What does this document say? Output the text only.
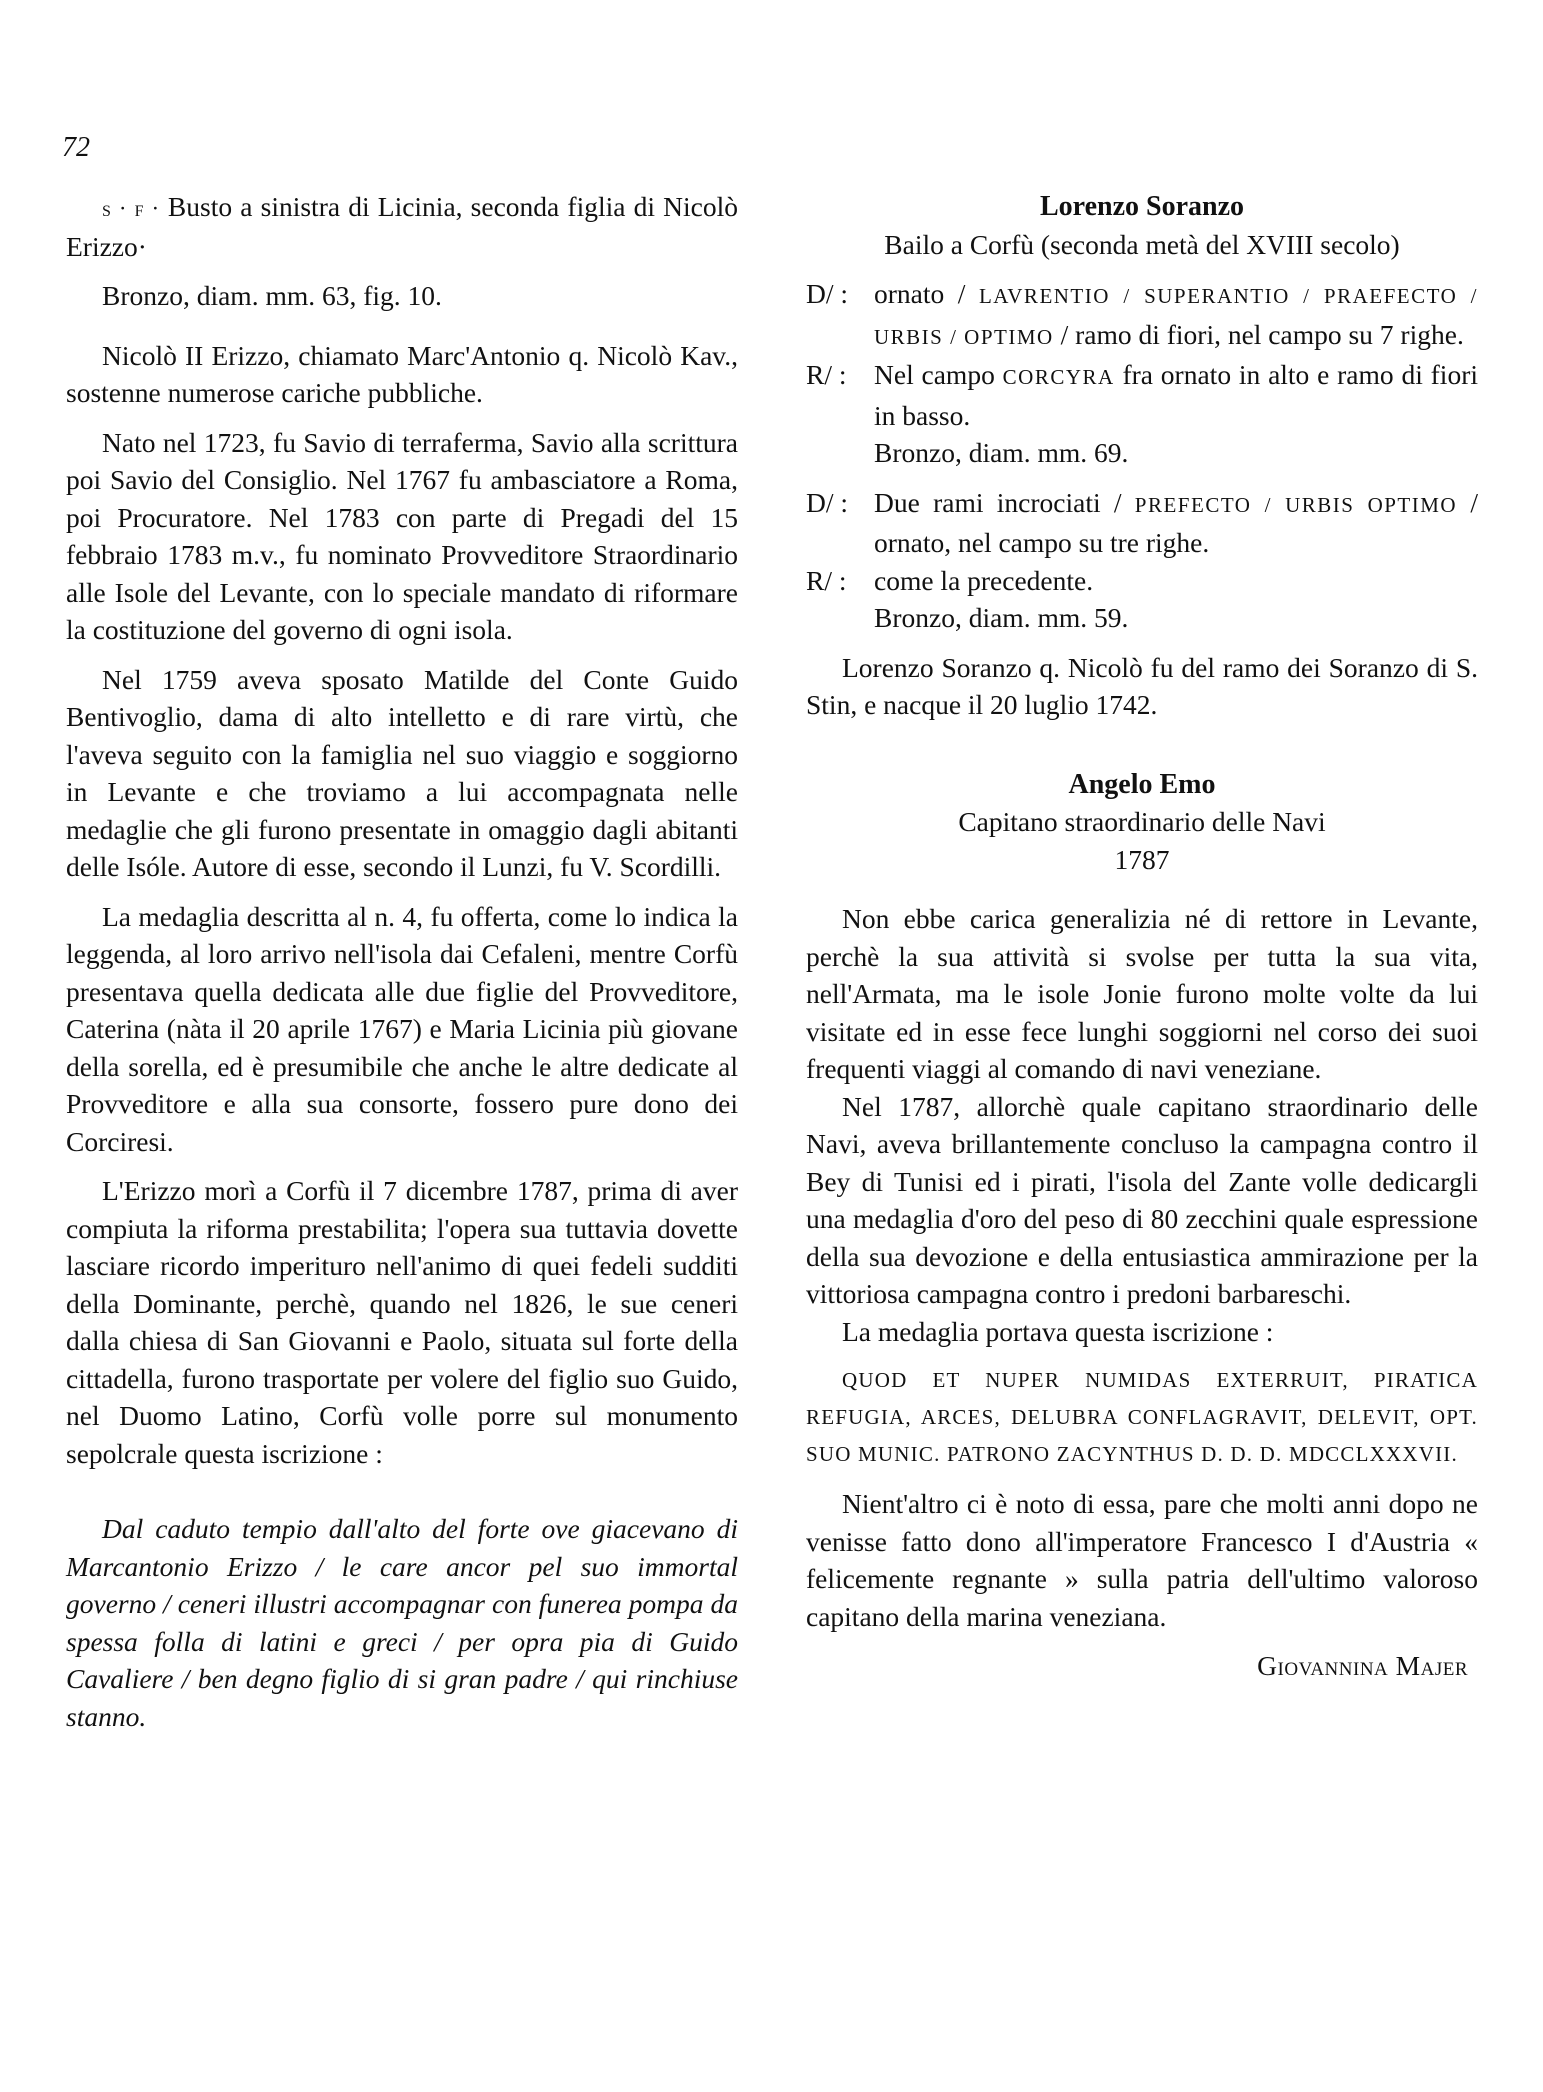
72

s · f · Busto a sinistra di Licinia, seconda figlia di Nicolò Erizzo·

Bronzo, diam. mm. 63, fig. 10.

Nicolò II Erizzo, chiamato Marc'Antonio q. Nicolò Kav., sostenne numerose cariche pubbliche.

Nato nel 1723, fu Savio di terraferma, Savio alla scrittura poi Savio del Consiglio. Nel 1767 fu ambasciatore a Roma, poi Procuratore. Nel 1783 con parte di Pregadi del 15 febbraio 1783 m.v., fu nominato Provveditore Straordinario alle Isole del Levante, con lo speciale mandato di riformare la costituzione del governo di ogni isola.

Nel 1759 aveva sposato Matilde del Conte Guido Bentivoglio, dama di alto intelletto e di rare virtù, che l'aveva seguito con la famiglia nel suo viaggio e soggiorno in Levante e che troviamo a lui accompagnata nelle medaglie che gli furono presentate in omaggio dagli abitanti delle Isóle. Autore di esse, secondo il Lunzi, fu V. Scordilli.

La medaglia descritta al n. 4, fu offerta, come lo indica la leggenda, al loro arrivo nell'isola dai Cefaleni, mentre Corfù presentava quella dedicata alle due figlie del Provveditore, Caterina (nàta il 20 aprile 1767) e Maria Licinia più giovane della sorella, ed è presumibile che anche le altre dedicate al Provveditore e alla sua consorte, fossero pure dono dei Corciresi.

L'Erizzo morì a Corfù il 7 dicembre 1787, prima di aver compiuta la riforma prestabilita; l'opera sua tuttavia dovette lasciare ricordo imperituro nell'animo di quei fedeli sudditi della Dominante, perchè, quando nel 1826, le sue ceneri dalla chiesa di San Giovanni e Paolo, situata sul forte della cittadella, furono trasportate per volere del figlio suo Guido, nel Duomo Latino, Corfù volle porre sul monumento sepolcrale questa iscrizione :

Dal caduto tempio dall'alto del forte ove giacevano di Marcantonio Erizzo / le care ancor pel suo immortal governo / ceneri illustri accompagnar con funerea pompa da spessa folla di latini e greci / per opra pia di Guido Cavaliere / ben degno figlio di si gran padre / qui rinchiuse stanno.

Lorenzo Soranzo
Bailo a Corfù (seconda metà del XVIII secolo)
D/ : ornato / LAVRENTIO / SUPERANTIO / PRAEFECTO / URBIS / OPTIMO / ramo di fiori, nel campo su 7 righe.
R/ :	Nel campo CORCYRA fra ornato in alto e ramo di fiori in basso.

Bronzo, diam. mm. 69.

D/ : Due rami incrociati / PREFECTO / URBIS OPTIMO / ornato, nel campo su tre righe.
R/ :	come la precedente.

Bronzo, diam. mm. 59.

Lorenzo Soranzo q. Nicolò fu del ramo dei Soranzo di S. Stin, e nacque il 20 luglio 1742.

Angelo Emo
Capitano straordinario delle Navi
1787

Non ebbe carica generalizia né di rettore in Levante, perchè la sua attività si svolse per tutta la sua vita, nell'Armata, ma le isole Jonie furono molte volte da lui visitate ed in esse fece lunghi soggiorni nel corso dei suoi frequenti viaggi al comando di navi veneziane.

Nel 1787, allorchè quale capitano straordinario delle Navi, aveva brillantemente concluso la campagna contro il Bey di Tunisi ed i pirati, l'isola del Zante volle dedicargli una medaglia d'oro del peso di 80 zecchini quale espressione della sua devozione e della entusiastica ammirazione per la vittoriosa campagna contro i predoni barbareschi.

La medaglia portava questa iscrizione :

QUOD ET NUPER NUMIDAS EXTERRUIT, PIRATICA REFUGIA, ARCES, DELUBRA CONFLAGRAVIT, DELEVIT, OPT. SUO MUNIC. PATRONO ZACYNTHUS D. D. D. MDCCLXXXVII.

Nient'altro ci è noto di essa, pare che molti anni dopo ne venisse fatto dono all'imperatore Francesco I d'Austria « felicemente regnante » sulla patria dell'ultimo valoroso capitano della marina veneziana.

Giovannina Majer
